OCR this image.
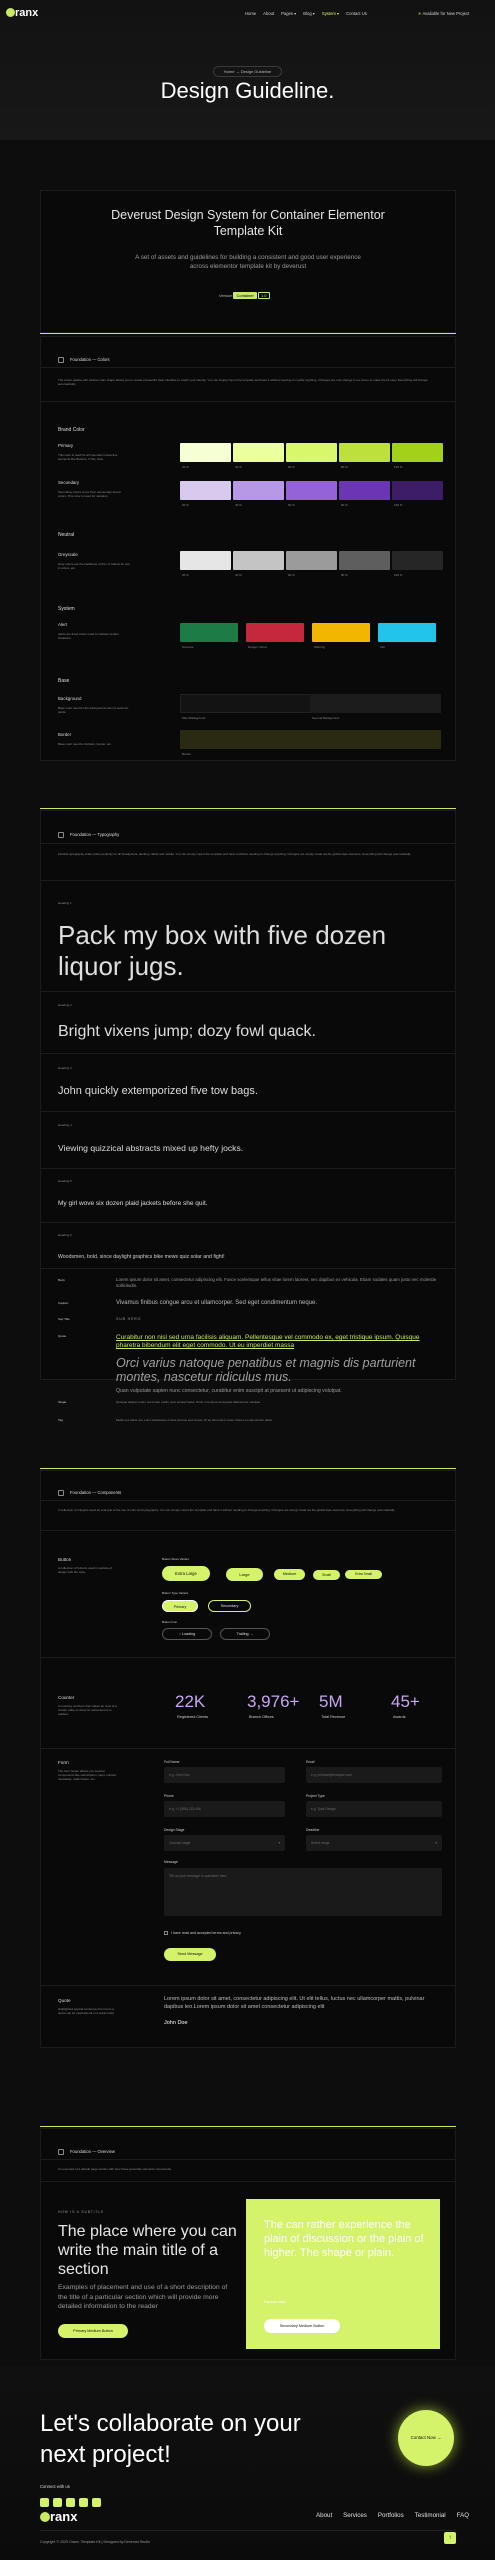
ranx	Home About Pages ▾ Blog ▾ System ▾ Contact Us	✳ Available for New Project
Home → Design Guideline
Design Guideline.
Deverust Design System for Container Elementor Template Kit
A set of assets and guidelines for building a consistent and good user experience across elementor template kit by deverust
Version Container 1.0
Foundation — Colors
The colors palette with various main shape allows you to create a beautiful clear interface to match your identity. You can simply import the template and have it without needing to modify anything. Changes are only change in our demo to make the kit easy. Everything will change automatically.
Brand Color
Primary
This color is used for all important interactive elements like Buttons, CTAs, links.
Secondary
Secondary colors come from elementary brand colors. This color is used for variation.
20 %	40 %	60 %	80 %	100 %
20 %	40 %	60 %	80 %	100 %
Neutral
Greyscale
Gray colors are the backbone of the UI. Mainly for text in colors, etc.
20 %	40 %	60 %	80 %	100 %
System
Alert
Alerts are fixed colors used to indicate certain situations.
Success	Danger / Error	Warning	Info
Base
Background
Base color used for the background color of sections, cards.
Main Background	Second Background
Border
Base color used for dividers, border, etc.
Border
Foundation — Typography
Flexible typography scale works perfectly for all breakpoints: desktop, tablet and mobile. You can simply import the template and have it without needing to change anything. Changes are simply made via the global style elements. Everything will change automatically.
Heading 1
Pack my box with five dozen liquor jugs.
Heading 2
Bright vixens jump; dozy fowl quack.
Heading 3
John quickly extemporized five tow bags.
Heading 4
Viewing quizzical abstracts mixed up hefty jocks.
Heading 5
My girl wove six dozen plaid jackets before she quit.
Heading 6
Woodsmen, bold, since daylight graphics bike mews quiz solar and fight!
Body	Lorem ipsum dolor sit amet, consectetur adipiscing elit. Fusce scelerisque tellus vitae lorem laoreet, nec dapibus ex vehicula. Etiam sodales quam justo nec molestie sollicitudin.
Caption	Vivamus finibus congue arcu et ullamcorper. Sed eget condimentum neque.
Sup Title	SUB HERO
Quote	Curabitur non nisl sed urna facilisis aliquam. Pellentesque vel commodo ex, eget tristique ipsum. Quisque pharetra bibendum elit eget commodo. Ut eu imperdiet massa
Orci varius natoque penatibus et magnis dis parturient montes, nascetur ridiculus mus.
Quan vulputate sapien nunc consectetur, curabitur enim suscipit at praesent ut adipiscing volutpat.
Single	Quisque aliquet, lorem vel ornare mollis, quis semper lacus. Proin et tempus consequat ullamcorper volutpat.
Tag	Mollis nec tellus nisi, enim scelerisque cursus at amet sed ornare. Ut eu fermentum amet. Donec eu elementum tellus.
Foundation — Components
A collection of snippets used as example of the use of color and typography. You can simply import the template and have it without needing to change anything. Changes are simply made via the global style elements. Everything will change automatically.
Button
A collection of buttons used in website of design with the style.
Button Sizes Variant
Extra Large	Large	Medium	Small	Extra Small
Button Type Variant
Primary	Secondary
Button Icon
◌ Loading	Trailing →
Counter
A counting numbers that makes an view of a certain value to show an achievement to readers.
22K
Registered Clients
3,976+
Branch Offices
5M
Total Revenue
45+
Awards
Form
The form helper allows you several components like subscription, input, contact, newsletter, radio button, etc.
Full Name
e.g. John Doe
Email
e.g. johndoe@example.com
Phone
e.g. +1 (555) 123-456
Project Type
e.g. Type Design
Design Stage
Concept stage	▾
Deadline
Select range	▾
Message
Tell us your message or questions here
I have read and accepted terms and privacy
Send Message
Quote
Highlighted special sentences from form a quote can be inspirational or a testimonial.
Lorem ipsum dolor sit amet, consectetur adipiscing elit. Ut elit tellus, luctus nec ullamcorper mattis, pulvinar dapibus leo.Lorem ipsum dolor sit amet consectetur adipiscing elit
John Doe
Foundation — Overview
An overview of a default page section with how these generally elements compounds.
HOW IS A SUBTITLE
The place where you can write the main title of a section
Examples of placement and use of a short description of the title of a particular section which will provide more detailed information to the reader
Primary Medium Button
The can rather experience the plain of discussion or the plain of higher. The shape or plain.
Explore Now
Secondary Medium Button
Let's collaborate on your next project!
Contact Now →
Connect with us
ranx	About Services Portfolios Testimonial FAQ
Copyright © 2025 Oranx. Template Kit | Designed by Deverust Studio
↑
